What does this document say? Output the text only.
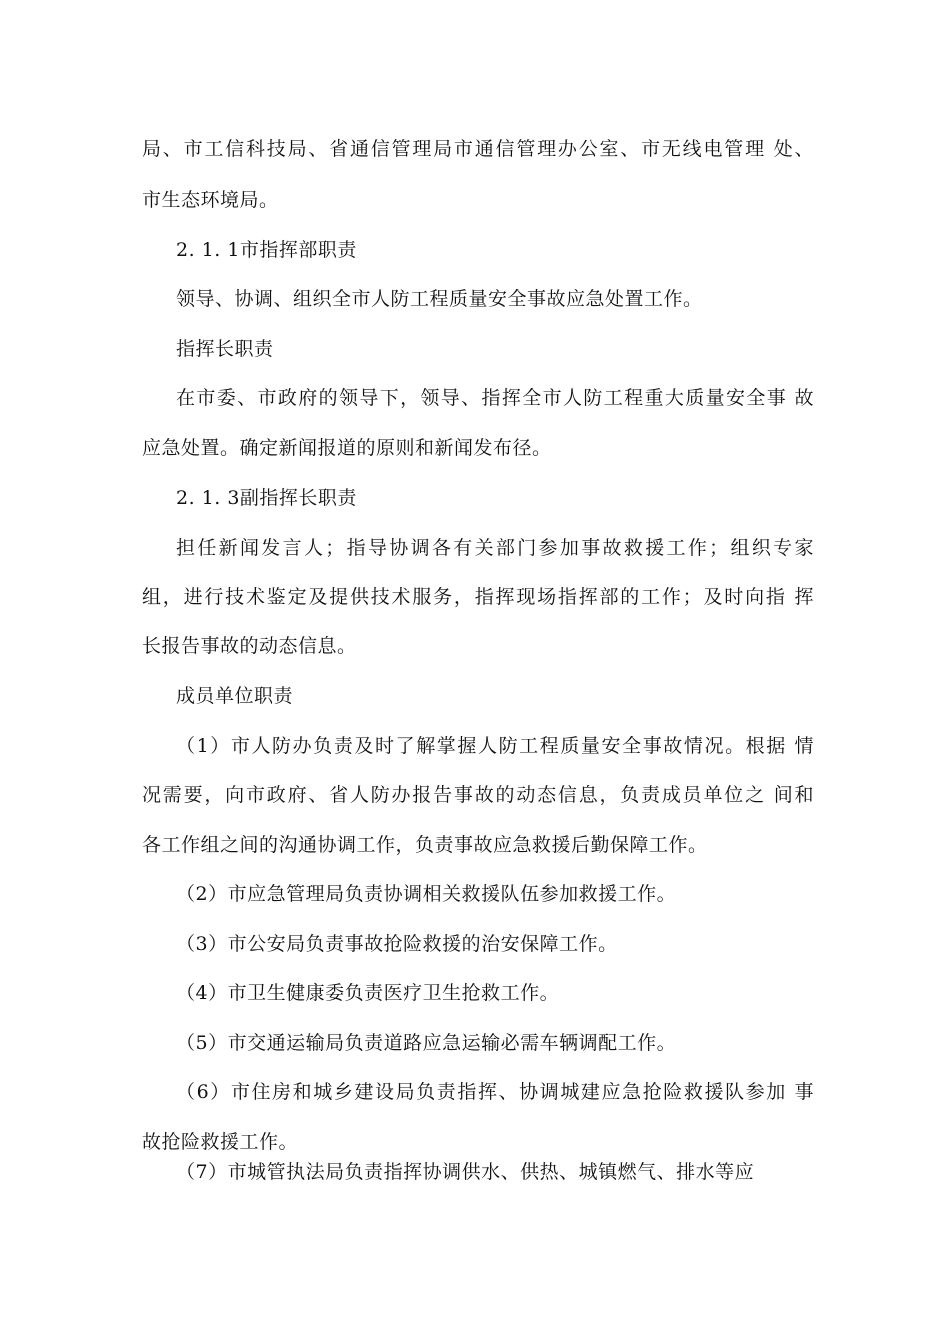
局、市工信科技局、省通信管理局市通信管理办公室、市无线电管理 处、
市生态环境局。
2. 1. 1市指挥部职责
领导、协调、组织全市人防工程质量安全事故应急处置工作。
指挥长职责
在市委、市政府的领导下，领导、指挥全市人防工程重大质量安全事 故
应急处置。确定新闻报道的原则和新闻发布径。
2. 1. 3副指挥长职责
担任新闻发言人；指导协调各有关部门参加事故救援工作；组织专家
组，进行技术鉴定及提供技术服务，指挥现场指挥部的工作；及时向指 挥
长报告事故的动态信息。
成员单位职责
（1）市人防办负责及时了解掌握人防工程质量安全事故情况。根据 情
况需要，向市政府、省人防办报告事故的动态信息，负责成员单位之 间和
各工作组之间的沟通协调工作，负责事故应急救援后勤保障工作。
（2）市应急管理局负责协调相关救援队伍参加救援工作。
（3）市公安局负责事故抢险救援的治安保障工作。
（4）市卫生健康委负责医疗卫生抢救工作。
（5）市交通运输局负责道路应急运输必需车辆调配工作。
（6）市住房和城乡建设局负责指挥、协调城建应急抢险救援队参加 事
故抢险救援工作。
（7）市城管执法局负责指挥协调供水、供热、城镇燃气、排水等应
